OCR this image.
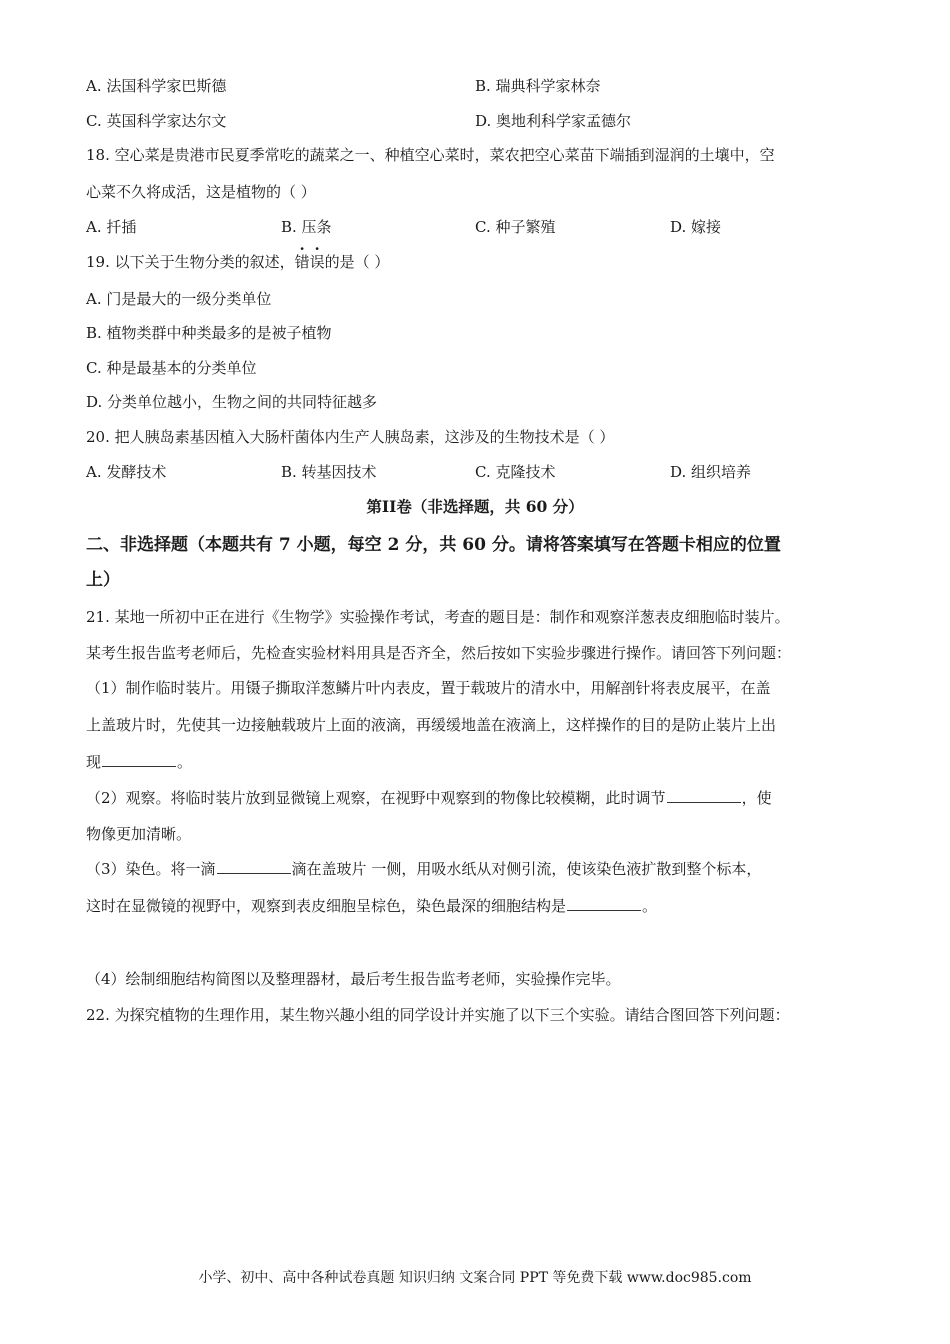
A. 法国科学家巴斯德	B. 瑞典科学家林奈
C. 英国科学家达尔文	D. 奥地利科学家孟德尔
18. 空心菜是贵港市民夏季常吃的蔬菜之一、种植空心菜时，菜农把空心菜苗下端插到湿润的土壤中，空
心菜不久将成活，这是植物的（ ）
A. 扦插	B. 压条	C. 种子繁殖	D. 嫁接
19. 以下关于生物分类的叙述，错误的是（ ）
A. 门是最大的一级分类单位
B. 植物类群中种类最多的是被子植物
C. 种是最基本的分类单位
D. 分类单位越小，生物之间的共同特征越多
20. 把人胰岛素基因植入大肠杆菌体内生产人胰岛素，这涉及的生物技术是（ ）
A. 发酵技术	B. 转基因技术	C. 克隆技术	D. 组织培养
第II卷（非选择题，共 60 分）
二、非选择题（本题共有 7 小题，每空 2 分，共 60 分。请将答案填写在答题卡相应的位置
上）
21. 某地一所初中正在进行《生物学》实验操作考试，考查的题目是：制作和观察洋葱表皮细胞临时装片。
某考生报告监考老师后，先检查实验材料用具是否齐全，然后按如下实验步骤进行操作。请回答下列问题：
（1）制作临时装片。用镊子撕取洋葱鳞片叶内表皮，置于载玻片的清水中，用解剖针将表皮展平，在盖
上盖玻片时，先使其一边接触载玻片上面的液滴，再缓缓地盖在液滴上，这样操作的目的是防止装片上出
现	。
（2）观察。将临时装片放到显微镜上观察，在视野中观察到的物像比较模糊，此时调节	，使
物像更加清晰。
（3）染色。将一滴	滴在盖玻片 一侧，用吸水纸从对侧引流，使该染色液扩散到整个标本，
这时在显微镜的视野中，观察到表皮细胞呈棕色，染色最深的细胞结构是	。
（4）绘制细胞结构简图以及整理器材，最后考生报告监考老师，实验操作完毕。
22. 为探究植物的生理作用，某生物兴趣小组的同学设计并实施了以下三个实验。请结合图回答下列问题：
小学、初中、高中各种试卷真题 知识归纳 文案合同 PPT 等免费下载 www.doc985.com
